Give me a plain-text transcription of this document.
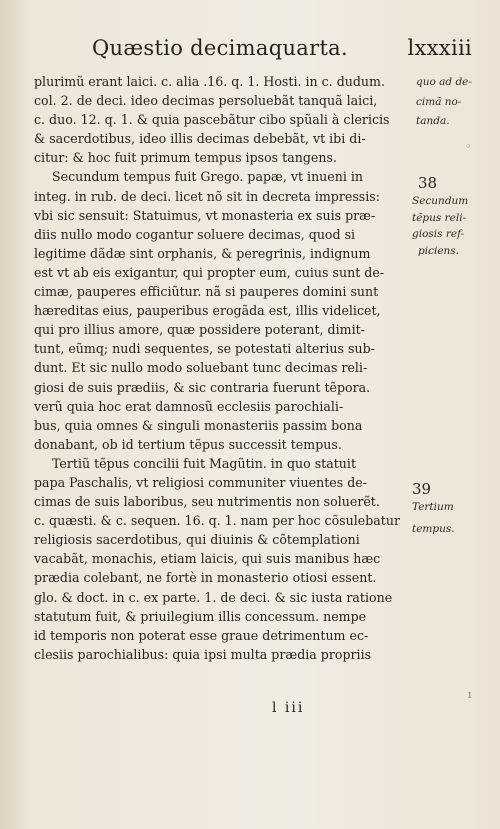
Quæstio decimaquarta.	lxxxiii
plurimũ erant laici. c. alia .16. q. 1. Hosti. in c. dudum.
col. 2. de deci. ideo decimas persoluebãt tanquã laici,
c. duo. 12. q. 1. & quia pascebãtur cibo spũali à clericis
& sacerdotibus, ideo illis decimas debebãt, vt ibi di-
citur: & hoc fuit primum tempus ipsos tangens.
Secundum tempus fuit Grego. papæ, vt inueni in
integ. in rub. de deci. licet nõ sit in decreta impressis:
vbi sic sensuit: Statuimus, vt monasteria ex suis præ-
diis nullo modo cogantur soluere decimas, quod si
legitime dãdæ sint orphanis, & peregrinis, indignum
est vt ab eis exigantur, qui propter eum, cuius sunt de-
cimæ, pauperes efficiũtur. nã si pauperes domini sunt
hæreditas eius, pauperibus erogãda est, illis videlicet,
qui pro illius amore, quæ possidere poterant, dimit-
tunt, eũmq; nudi sequentes, se potestati alterius sub-
dunt. Et sic nullo modo soluebant tunc decimas reli-
giosi de suis prædiis, & sic contraria fuerunt tẽpora.
verũ quia hoc erat damnosũ ecclesiis parochiali-
bus, quia omnes & singuli monasteriis passim bona
donabant, ob id tertium tẽpus successit tempus.
Tertiũ tẽpus concilii fuit Magũtin. in quo statuit
papa Paschalis, vt religiosi communiter viuentes de-
cimas de suis laboribus, seu nutrimentis non soluerẽt.
c. quæsti. & c. sequen. 16. q. 1. nam per hoc cõsulebatur
religiosis sacerdotibus, qui diuinis & cõtemplationi
vacabãt, monachis, etiam laicis, qui suis manibus hæc
prædia colebant, ne fortè in monasterio otiosi essent.
glo. & doct. in c. ex parte. 1. de deci. & sic iusta ratione
statutum fuit, & priuilegium illis concessum. nempe
id temporis non poterat esse graue detrimentum ec-
clesiis parochialibus: quia ipsi multa prædia propriis
quo ad de-
cimã no-
tanda.
38
Secundum
tẽpus reli-
giosis ref-
piciens.
39
Tertium
tempus.
◦
ı
l iii
